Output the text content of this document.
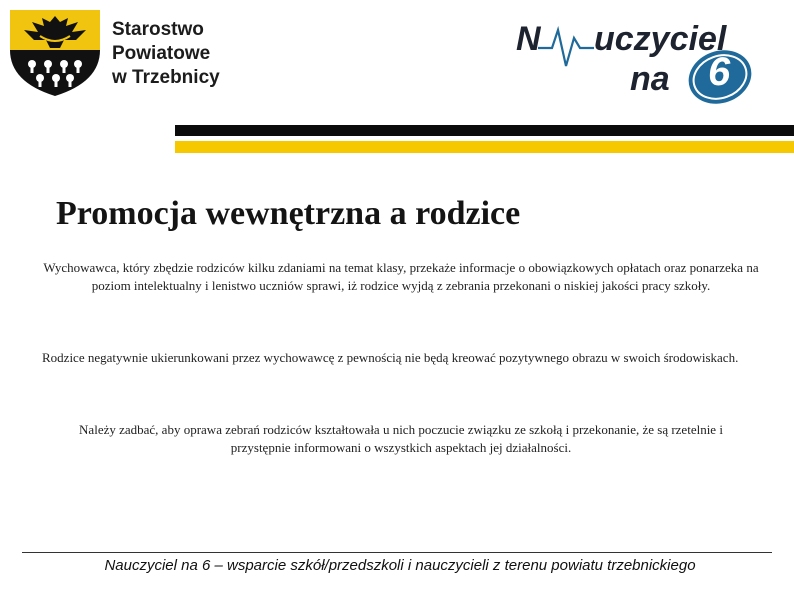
Starostwo
Powiatowe
w Trzebnicy
N uczyciel
na 6
Promocja wewnętrzna a rodzice
Wychowawca, który zbędzie rodziców kilku zdaniami na temat klasy, przekaże informacje o obowiązkowych opłatach oraz ponarzeka na poziom intelektualny i lenistwo uczniów sprawi, iż rodzice wyjdą z zebrania przekonani o niskiej jakości pracy szkoły.
Rodzice negatywnie ukierunkowani przez wychowawcę z pewnością nie będą kreować pozytywnego obrazu w swoich środowiskach.
Należy zadbać, aby oprawa zebrań rodziców kształtowała u nich poczucie związku ze szkołą i przekonanie, że są rzetelnie i przystępnie informowani o wszystkich aspektach jej działalności.
Nauczyciel na 6 – wsparcie szkół/przedszkoli i nauczycieli z terenu powiatu trzebnickiego
